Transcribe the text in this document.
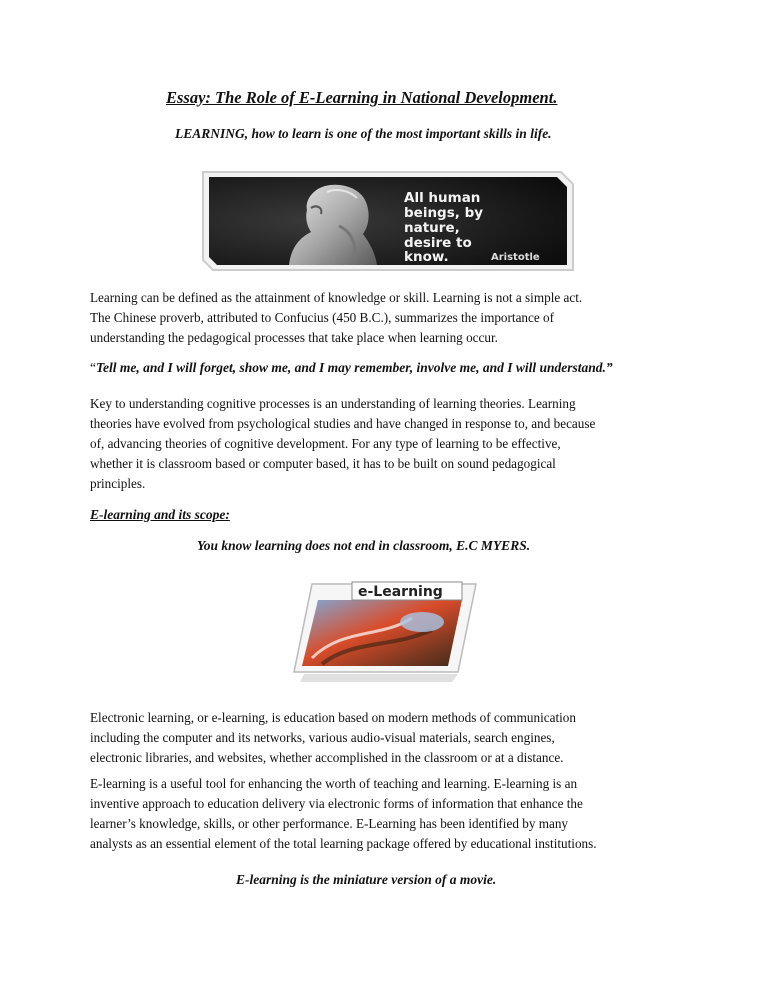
Essay: The Role of E-Learning in National Development.
LEARNING, how to learn is one of the most important skills in life.
All human
beings, by
nature,
desire to
know.	Aristotle
Learning can be defined as the attainment of knowledge or skill. Learning is not a simple act.
The Chinese proverb, attributed to Confucius (450 B.C.), summarizes the importance of
understanding the pedagogical processes that take place when learning occur.
“Tell me, and I will forget, show me, and I may remember, involve me, and I will understand.”
Key to understanding cognitive processes is an understanding of learning theories. Learning
theories have evolved from psychological studies and have changed in response to, and because
of, advancing theories of cognitive development. For any type of learning to be effective,
whether it is classroom based or computer based, it has to be built on sound pedagogical
principles.
E-learning and its scope:
You know learning does not end in classroom, E.C MYERS.
e-Learning
Electronic learning, or e-learning, is education based on modern methods of communication
including the computer and its networks, various audio-visual materials, search engines,
electronic libraries, and websites, whether accomplished in the classroom or at a distance.
E-learning is a useful tool for enhancing the worth of teaching and learning. E-learning is an
inventive approach to education delivery via electronic forms of information that enhance the
learner’s knowledge, skills, or other performance. E-Learning has been identified by many
analysts as an essential element of the total learning package offered by educational institutions.
E-learning is the miniature version of a movie.
